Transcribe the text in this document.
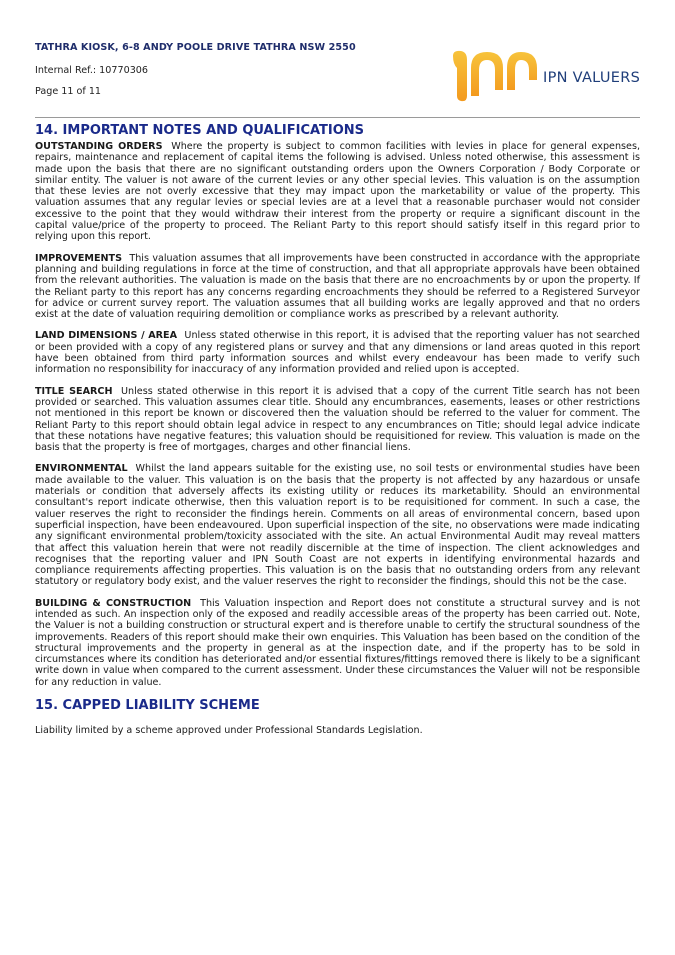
TATHRA KIOSK, 6-8 ANDY POOLE DRIVE TATHRA NSW 2550
Internal Ref.: 10770306
Page 11 of 11
IPN VALUERS
14. IMPORTANT NOTES AND QUALIFICATIONS

OUTSTANDING ORDERS Where the property is subject to common facilities with levies in place for general expenses, repairs, maintenance and replacement of capital items the following is advised. Unless noted otherwise, this assessment is made upon the basis that there are no significant outstanding orders upon the Owners Corporation / Body Corporate or similar entity. The valuer is not aware of the current levies or any other special levies. This valuation is on the assumption that these levies are not overly excessive that they may impact upon the marketability or value of the property. This valuation assumes that any regular levies or special levies are at a level that a reasonable purchaser would not consider excessive to the point that they would withdraw their interest from the property or require a significant discount in the capital value/price of the property to proceed. The Reliant Party to this report should satisfy itself in this regard prior to relying upon this report.

IMPROVEMENTS This valuation assumes that all improvements have been constructed in accordance with the appropriate planning and building regulations in force at the time of construction, and that all appropriate approvals have been obtained from the relevant authorities. The valuation is made on the basis that there are no encroachments by or upon the property. If the Reliant party to this report has any concerns regarding encroachments they should be referred to a Registered Surveyor for advice or current survey report. The valuation assumes that all building works are legally approved and that no orders exist at the date of valuation requiring demolition or compliance works as prescribed by a relevant authority.

LAND DIMENSIONS / AREA Unless stated otherwise in this report, it is advised that the reporting valuer has not searched or been provided with a copy of any registered plans or survey and that any dimensions or land areas quoted in this report have been obtained from third party information sources and whilst every endeavour has been made to verify such information no responsibility for inaccuracy of any information provided and relied upon is accepted.

TITLE SEARCH Unless stated otherwise in this report it is advised that a copy of the current Title search has not been provided or searched. This valuation assumes clear title. Should any encumbrances, easements, leases or other restrictions not mentioned in this report be known or discovered then the valuation should be referred to the valuer for comment. The Reliant Party to this report should obtain legal advice in respect to any encumbrances on Title; should legal advice indicate that these notations have negative features; this valuation should be requisitioned for review. This valuation is made on the basis that the property is free of mortgages, charges and other financial liens.

ENVIRONMENTAL Whilst the land appears suitable for the existing use, no soil tests or environmental studies have been made available to the valuer. This valuation is on the basis that the property is not affected by any hazardous or unsafe materials or condition that adversely affects its existing utility or reduces its marketability. Should an environmental consultant's report indicate otherwise, then this valuation report is to be requisitioned for comment. In such a case, the valuer reserves the right to reconsider the findings herein. Comments on all areas of environmental concern, based upon superficial inspection, have been endeavoured. Upon superficial inspection of the site, no observations were made indicating any significant environmental problem/toxicity associated with the site. An actual Environmental Audit may reveal matters that affect this valuation herein that were not readily discernible at the time of inspection. The client acknowledges and recognises that the reporting valuer and IPN South Coast are not experts in identifying environmental hazards and compliance requirements affecting properties. This valuation is on the basis that no outstanding orders from any relevant statutory or regulatory body exist, and the valuer reserves the right to reconsider the findings, should this not be the case.

BUILDING & CONSTRUCTION This Valuation inspection and Report does not constitute a structural survey and is not intended as such. An inspection only of the exposed and readily accessible areas of the property has been carried out. Note, the Valuer is not a building construction or structural expert and is therefore unable to certify the structural soundness of the improvements. Readers of this report should make their own enquiries. This Valuation has been based on the condition of the structural improvements and the property in general as at the inspection date, and if the property has to be sold in circumstances where its condition has deteriorated and/or essential fixtures/fittings removed there is likely to be a significant write down in value when compared to the current assessment. Under these circumstances the Valuer will not be responsible for any reduction in value.

15. CAPPED LIABILITY SCHEME

Liability limited by a scheme approved under Professional Standards Legislation.
